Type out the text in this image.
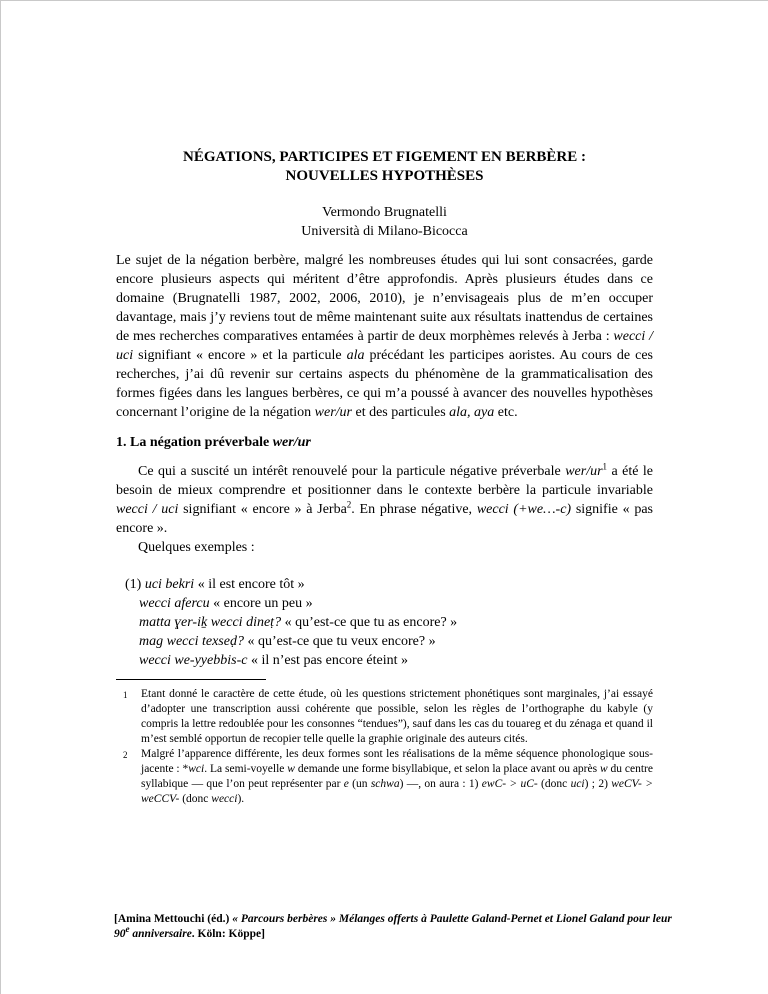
NÉGATIONS, PARTICIPES ET FIGEMENT EN BERBÈRE :
NOUVELLES HYPOTHÈSES
Vermondo Brugnatelli
Università di Milano-Bicocca

Le sujet de la négation berbère, malgré les nombreuses études qui lui sont consacrées, garde encore plusieurs aspects qui méritent d’être approfondis. Après plusieurs études dans ce domaine (Brugnatelli 1987, 2002, 2006, 2010), je n’envisageais plus de m’en occuper davantage, mais j’y reviens tout de même maintenant suite aux résultats inattendus de certaines de mes recherches comparatives entamées à partir de deux morphèmes relevés à Jerba : wecci / uci signifiant « encore » et la particule ala précédant les participes aoristes. Au cours de ces recherches, j’ai dû revenir sur certains aspects du phénomène de la grammaticalisation des formes figées dans les langues berbères, ce qui m’a poussé à avancer des nouvelles hypothèses concernant l’origine de la négation wer/ur et des particules ala, aya etc.

1. La négation préverbale wer/ur

Ce qui a suscité un intérêt renouvelé pour la particule négative préverbale wer/$ur^1$ a été le besoin de mieux comprendre et positionner dans le contexte berbère la particule invariable wecci / uci signifiant « encore » à Jerba$^2$. En phrase négative, wecci (+we…-c) signifie « pas encore ».

Quelques exemples :

(1) uci bekri « il est encore tôt »
wecci afercu « encore un peu »
matta ɣer-iḵ wecci dineṭ? « qu’est-ce que tu as encore? »
mag wecci texseḍ? « qu’est-ce que tu veux encore? »
wecci we-yyebbis-c « il n’est pas encore éteint »
1 Etant donné le caractère de cette étude, où les questions strictement phonétiques sont marginales, j’ai essayé d’adopter une transcription aussi cohérente que possible, selon les règles de l’orthographe du kabyle (y compris la lettre redoublée pour les consonnes “tendues”), sauf dans les cas du touareg et du zénaga et quand il m’est semblé opportun de recopier telle quelle la graphie originale des auteurs cités.
2 Malgré l’apparence différente, les deux formes sont les réalisations de la même séquence phonologique sous-jacente : *wci. La semi-voyelle w demande une forme bisyllabique, et selon la place avant ou après w du centre syllabique — que l’on peut représenter par e (un schwa) —, on aura : 1) ewC- > uC- (donc uci) ; 2) weCV- > weCCV- (donc wecci).
[Amina Mettouchi (éd.) « Parcours berbères » Mélanges offerts à Paulette Galand-Pernet et Lionel Galand pour leur 90e anniversaire. Köln: Köppe]
